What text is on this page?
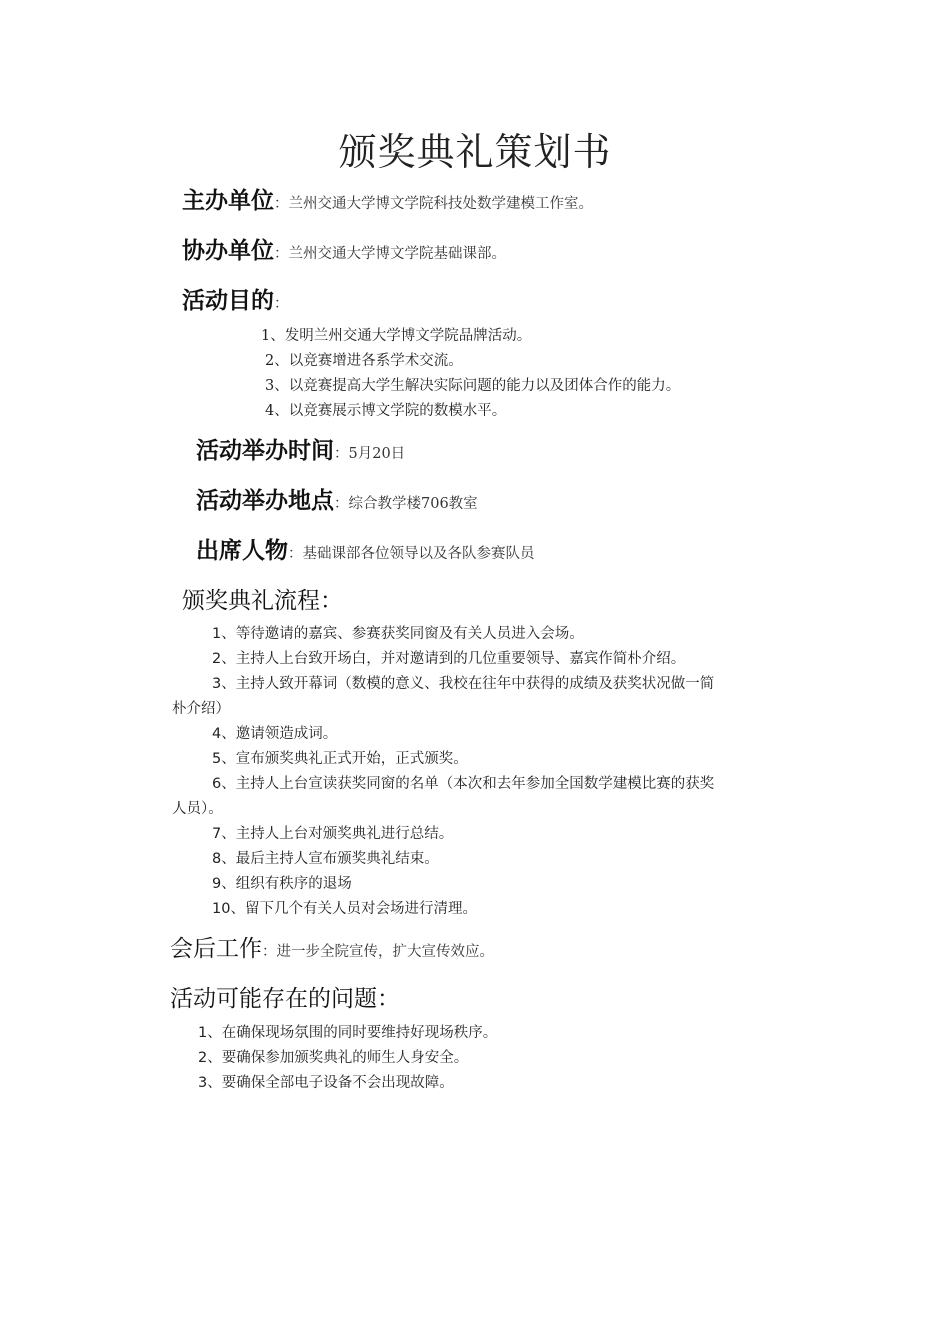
颁奖典礼策划书
主办单位：兰州交通大学博文学院科技处数学建模工作室。
协办单位：兰州交通大学博文学院基础课部。
活动目的：
1、发明兰州交通大学博文学院品牌活动。
2、以竞赛增进各系学术交流。
3、以竞赛提高大学生解决实际问题的能力以及团体合作的能力。
4、以竞赛展示博文学院的数模水平。
活动举办时间：5月20日
活动举办地点：综合教学楼706教室
出席人物：基础课部各位领导以及各队参赛队员
颁奖典礼流程：
1、等待邀请的嘉宾、参赛获奖同窗及有关人员进入会场。
2、主持人上台致开场白，并对邀请到的几位重要领导、嘉宾作简朴介绍。
3、主持人致开幕词（数模的意义、我校在往年中获得的成绩及获奖状况做一简
朴介绍）
4、邀请领造成词。
5、宣布颁奖典礼正式开始，正式颁奖。
6、主持人上台宣读获奖同窗的名单（本次和去年参加全国数学建模比赛的获奖
人员）。
7、主持人上台对颁奖典礼进行总结。
8、最后主持人宣布颁奖典礼结束。
9、组织有秩序的退场
10、留下几个有关人员对会场进行清理。
会后工作：进一步全院宣传，扩大宣传效应。
活动可能存在的问题：
1、在确保现场氛围的同时要维持好现场秩序。
2、要确保参加颁奖典礼的师生人身安全。
3、要确保全部电子设备不会出现故障。
